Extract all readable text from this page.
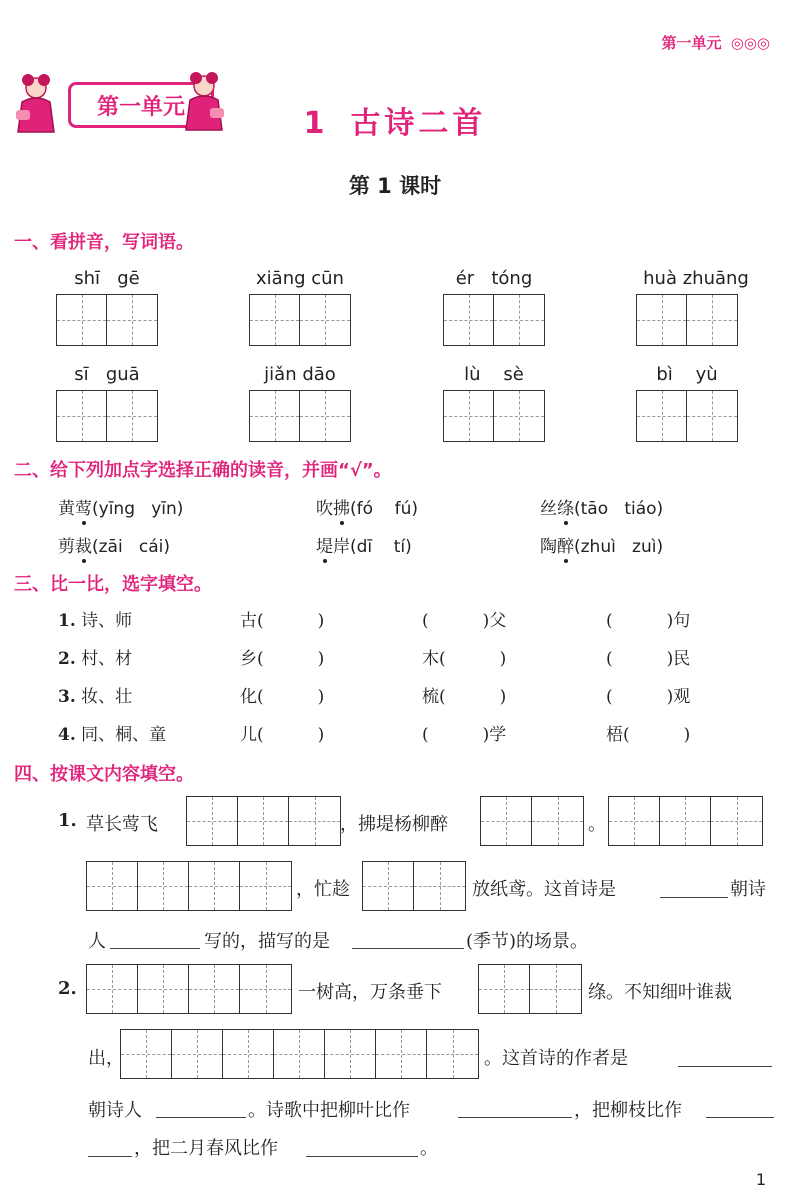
第一单元 ◎◎◎
第一单元	1 古诗二首
第 1 课时
一、看拼音，写词语。
shī   gē	xiāng cūn	ér   tóng	huà zhuāng
sī   guā	jiǎn dāo	lù    sè	bì    yù
二、给下列加点字选择正确的读音，并画“√”。
黄莺(yīng   yīn)	吹拂(fó    fú)	丝绦(tāo   tiáo)
剪裁(zāi   cái)	堤岸(dī    tí)	陶醉(zhuì   zuì)
三、比一比，选字填空。
1. 诗、师	古(          )	(          )父	(          )句
2. 村、材	乡(          )	木(          )	(          )民
3. 妆、壮	化(          )	梳(          )	(          )观
4. 同、桐、童	儿(          )	(          )学	梧(          )
四、按课文内容填空。
1. 草长莺飞	，拂堤杨柳醉	。
，忙趁	放纸鸢。这首诗是	朝诗
人	写的，描写的是	(季节)的场景。
2.	一树高，万条垂下	绦。不知细叶谁裁
出，	。这首诗的作者是
朝诗人	。诗歌中把柳叶比作	，把柳枝比作
，把二月春风比作	。
1
